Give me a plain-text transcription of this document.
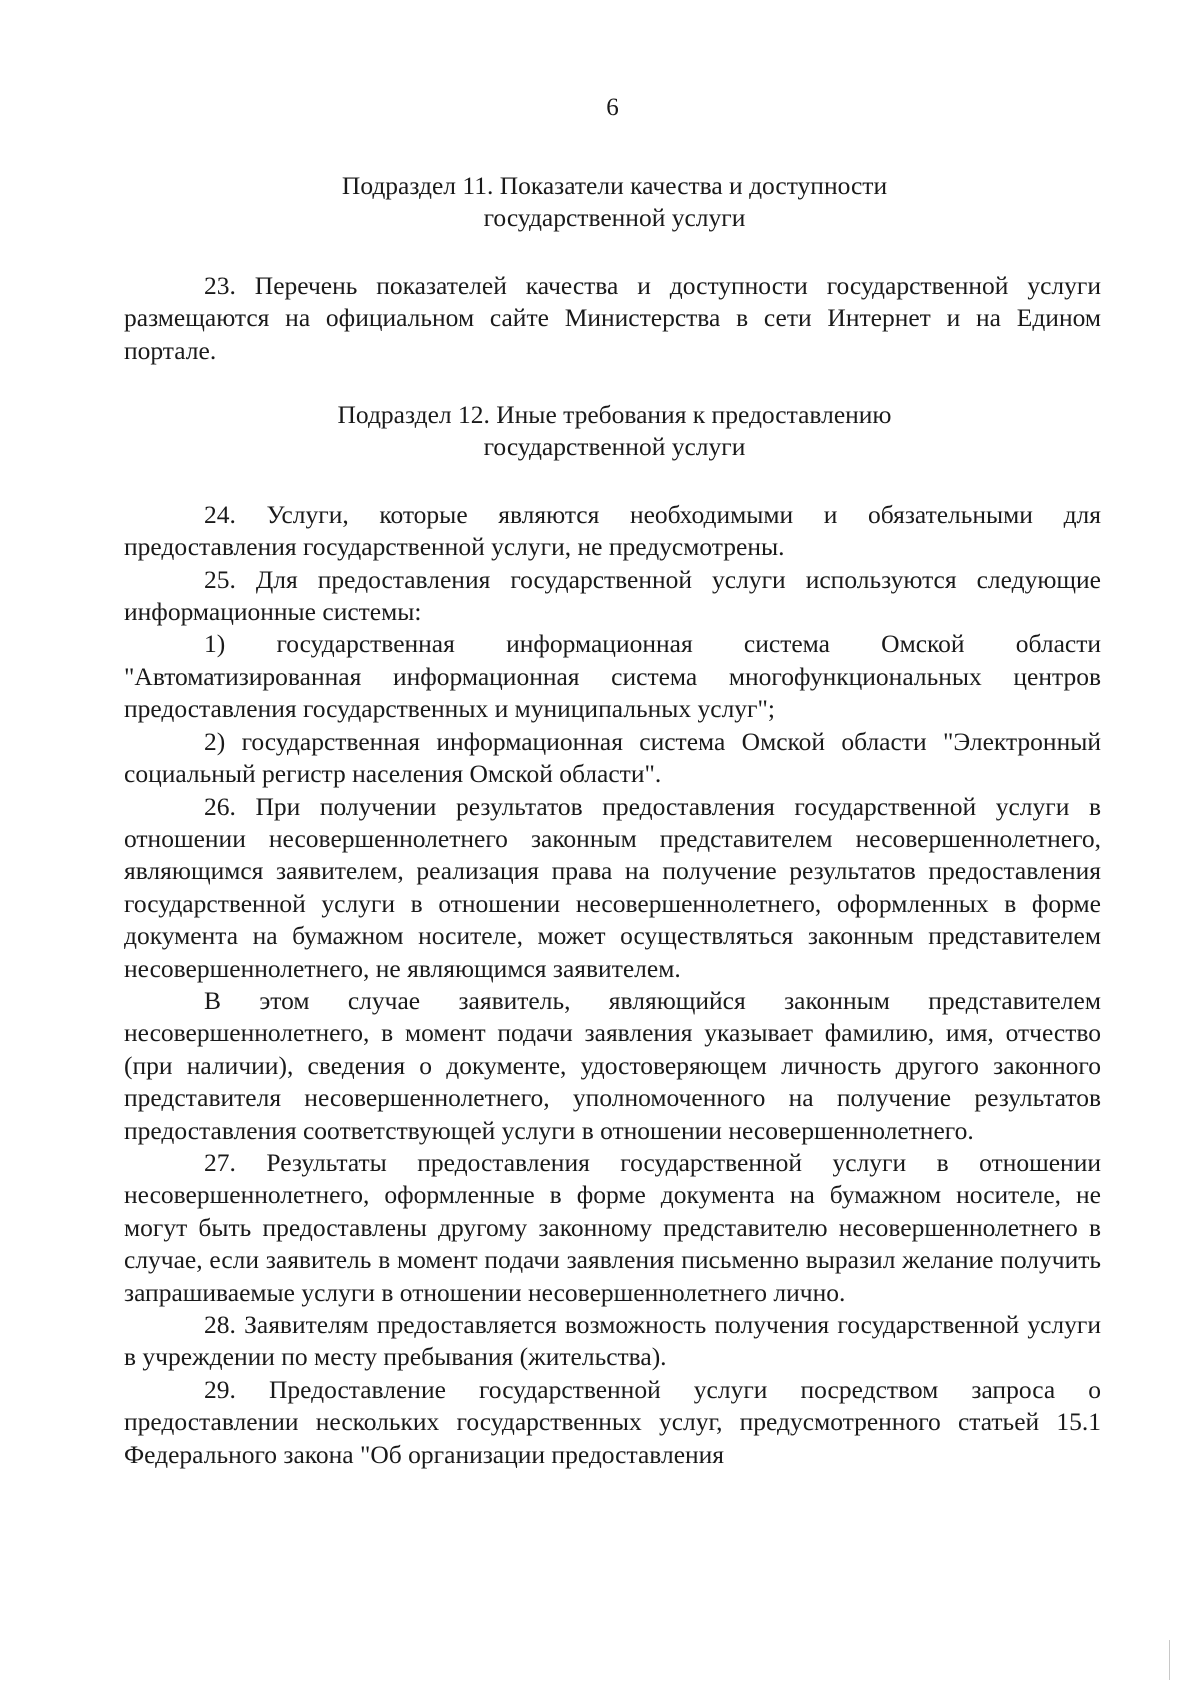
6
Подраздел 11. Показатели качества и доступности
государственной услуги

23. Перечень показателей качества и доступности государственной услуги размещаются на официальном сайте Министерства в сети Интернет и на Едином портале.

Подраздел 12. Иные требования к предоставлению
государственной услуги

24. Услуги, которые являются необходимыми и обязательными для предоставления государственной услуги, не предусмотрены.

25. Для предоставления государственной услуги используются следующие информационные системы:

1) государственная информационная система Омской области "Автоматизированная информационная система многофункциональных центров предоставления государственных и муниципальных услуг";

2) государственная информационная система Омской области "Электронный социальный регистр населения Омской области".

26. При получении результатов предоставления государственной услуги в отношении несовершеннолетнего законным представителем несовершеннолетнего, являющимся заявителем, реализация права на получение результатов предоставления государственной услуги в отношении несовершеннолетнего, оформленных в форме документа на бумажном носителе, может осуществляться законным представителем несовершеннолетнего, не являющимся заявителем.

В этом случае заявитель, являющийся законным представителем несовершеннолетнего, в момент подачи заявления указывает фамилию, имя, отчество (при наличии), сведения о документе, удостоверяющем личность другого законного представителя несовершеннолетнего, уполномоченного на получение результатов предоставления соответствующей услуги в отношении несовершеннолетнего.

27. Результаты предоставления государственной услуги в отношении несовершеннолетнего, оформленные в форме документа на бумажном носителе, не могут быть предоставлены другому законному представителю несовершеннолетнего в случае, если заявитель в момент подачи заявления письменно выразил желание получить запрашиваемые услуги в отношении несовершеннолетнего лично.

28. Заявителям предоставляется возможность получения государственной услуги в учреждении по месту пребывания (жительства).

29. Предоставление государственной услуги посредством запроса о предоставлении нескольких государственных услуг, предусмотренного статьей 15.1 Федерального закона "Об организации предоставления
